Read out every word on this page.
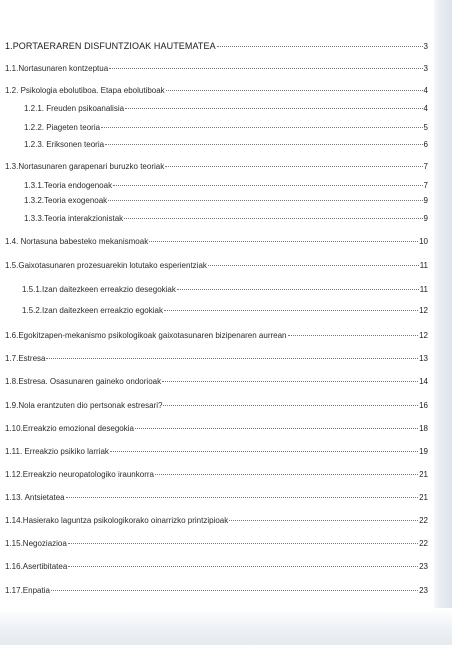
1.PORTAERAREN DISFUNTZIOAK HAUTEMATEA	3
1.1.Nortasunaren kontzeptua	3
1.2. Psikologia ebolutiboa. Etapa ebolutiboak	4
1.2.1. Freuden psikoanalisia	4
1.2.2. Piageten teoria	5
1.2.3. Eriksonen teoria	6
1.3.Nortasunaren garapenari buruzko teoriak	7
1.3.1.Teoria endogenoak	7
1.3.2.Teoria exogenoak	9
1.3.3.Teoria interakzionistak	9
1.4. Nortasuna babesteko mekanismoak	10
1.5.Gaixotasunaren prozesuarekin lotutako esperientziak	11
1.5.1.Izan daitezkeen erreakzio desegokiak	11
1.5.2.Izan daitezkeen erreakzio egokiak	12
1.6.Egokitzapen-mekanismo psikologikoak gaixotasunaren bizipenaren aurrean	12
1.7.Estresa	13
1.8.Estresa. Osasunaren gaineko ondorioak	14
1.9.Nola erantzuten dio pertsonak estresari?	16
1.10.Erreakzio emozional desegokia	18
1.11. Erreakzio psikiko larriak	19
1.12.Erreakzio neuropatologiko iraunkorra	21
1.13. Antsietatea	21
1.14.Hasierako laguntza psikologikorako oinarrizko printzipioak	22
1.15.Negoziazioa	22
1.16.Asertibitatea	23
1.17.Enpatia	23
